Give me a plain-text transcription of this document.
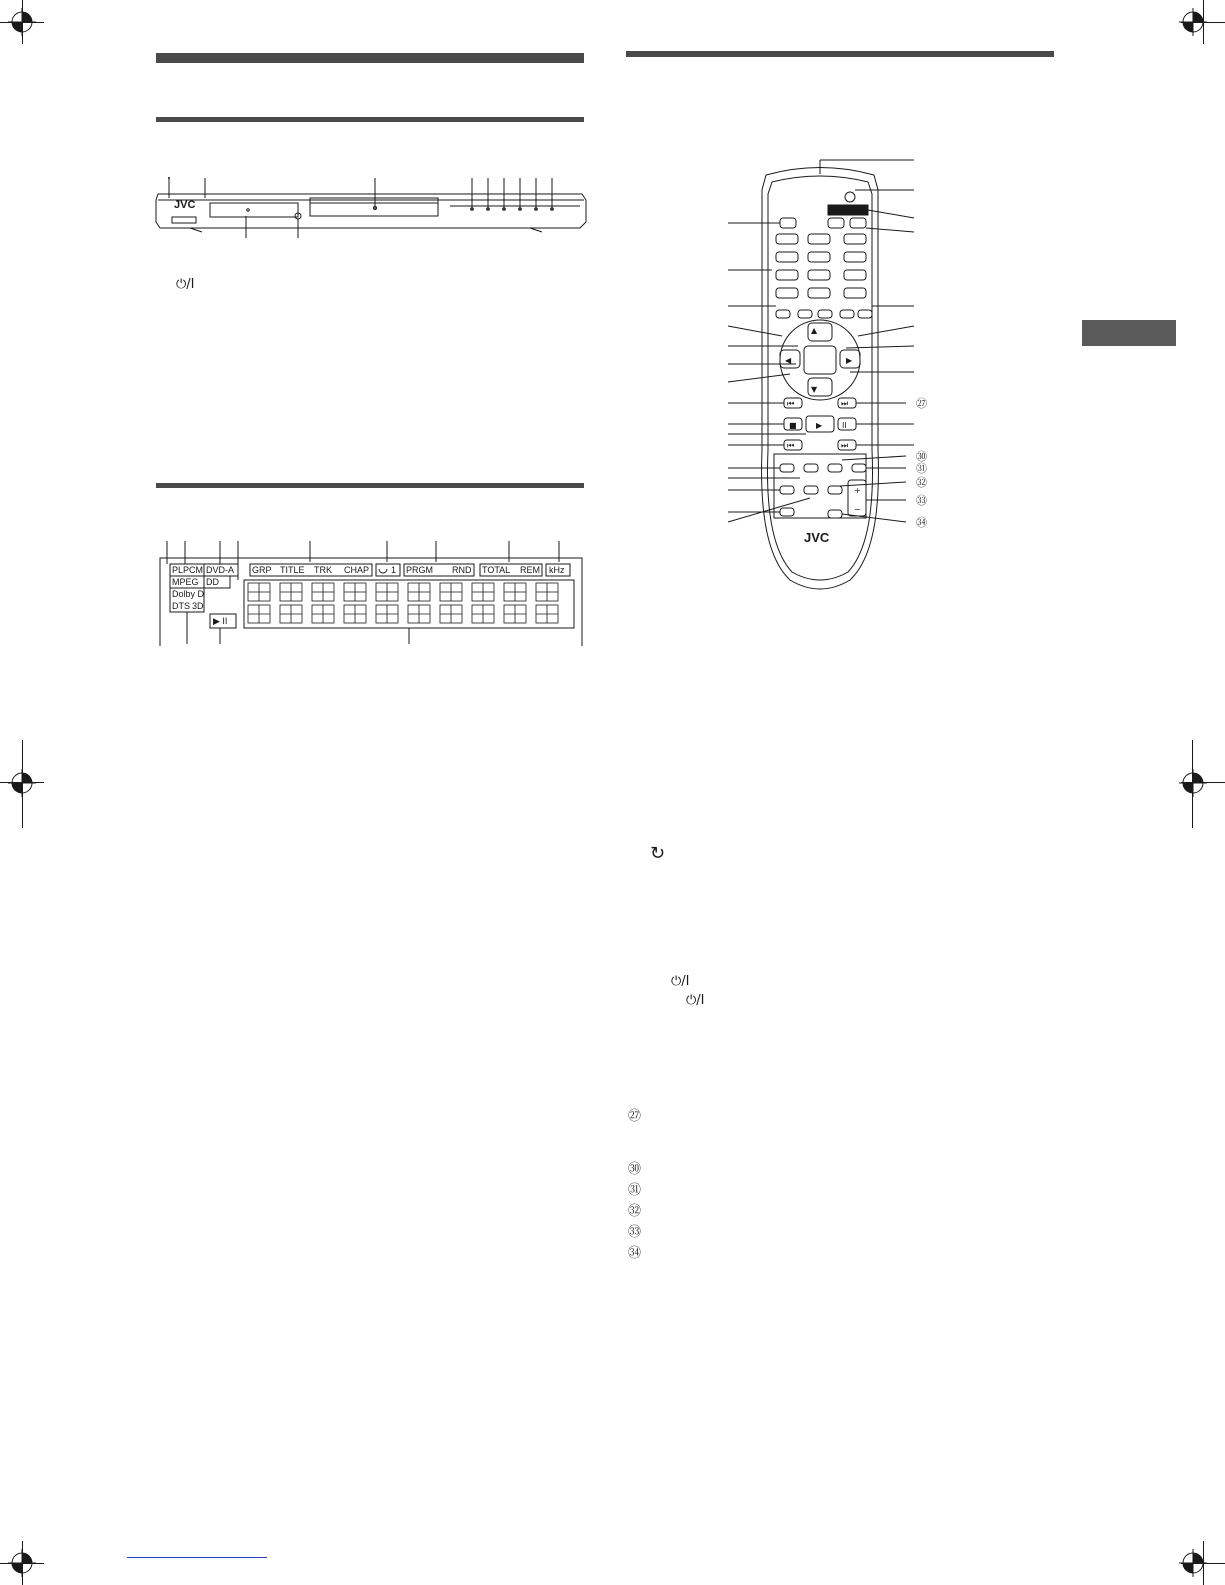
JVC
⏻/I
PLPCM DVD-A
MPEG DD
Dolby D
DTS 3D
GRP TITLE TRK CHAP 1 PRGM RND TOTAL REM kHz
▶ II
▲
▼
◀	▶
⏮	⏭
■ ▶ II
⏮	⏭
+
−
JVC
㉗
㉚
㉛
㉜
㉝
㉞
↻
⏻/I
⏻/I
㉗
㉚
㉛
㉜
㉝
㉞
